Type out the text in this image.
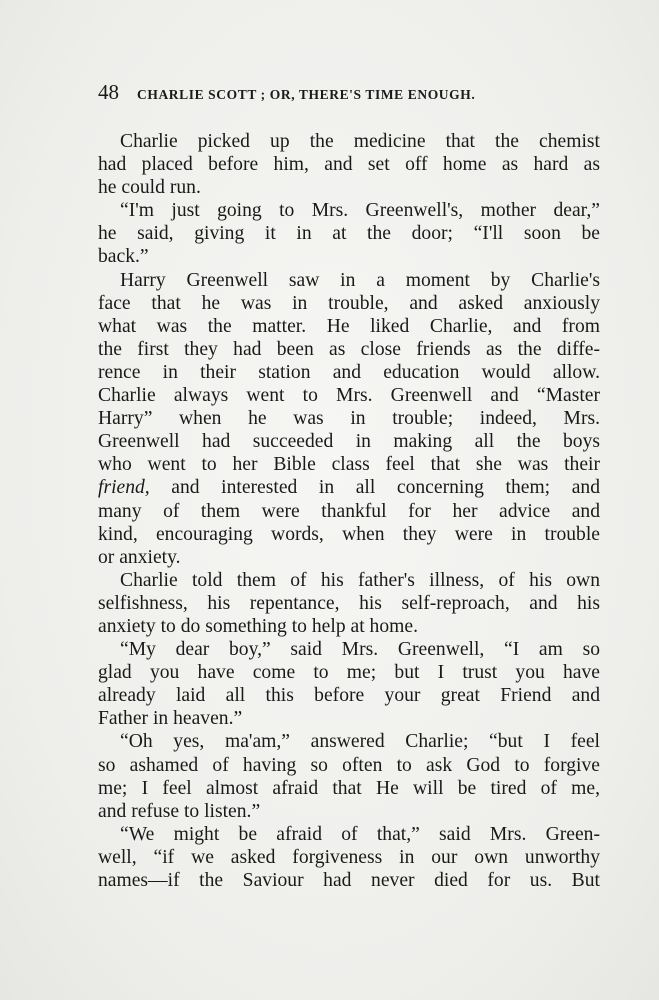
48 CHARLIE SCOTT ; OR, THERE'S TIME ENOUGH.
Charlie picked up the medicine that the chemist
had placed before him, and set off home as hard as
he could run.
“I'm just going to Mrs. Greenwell's, mother dear,”
he said, giving it in at the door; “I'll soon be
back.”
Harry Greenwell saw in a moment by Charlie's
face that he was in trouble, and asked anxiously
what was the matter. He liked Charlie, and from
the first they had been as close friends as the diffe-
rence in their station and education would allow.
Charlie always went to Mrs. Greenwell and “Master
Harry” when he was in trouble; indeed, Mrs.
Greenwell had succeeded in making all the boys
who went to her Bible class feel that she was their
friend, and interested in all concerning them; and
many of them were thankful for her advice and
kind, encouraging words, when they were in trouble
or anxiety.
Charlie told them of his father's illness, of his own
selfishness, his repentance, his self-reproach, and his
anxiety to do something to help at home.
“My dear boy,” said Mrs. Greenwell, “I am so
glad you have come to me; but I trust you have
already laid all this before your great Friend and
Father in heaven.”
“Oh yes, ma'am,” answered Charlie; “but I feel
so ashamed of having so often to ask God to forgive
me; I feel almost afraid that He will be tired of me,
and refuse to listen.”
“We might be afraid of that,” said Mrs. Green-
well, “if we asked forgiveness in our own unworthy
names—if the Saviour had never died for us. But
